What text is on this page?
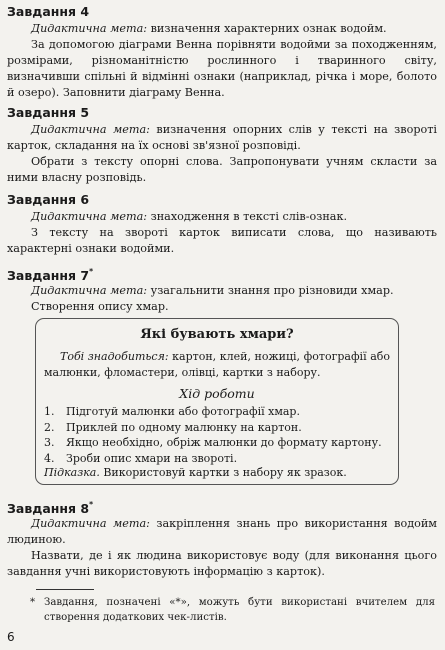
Завдання 4
Дидактична мета: визначення характерних ознак водойм.
За допомогою діаграми Венна порівняти водойми за походженням, розмірами, різноманітністю рослинного і тваринного світу, визначивши спільні й відмінні ознаки (наприклад, річка і море, болото й озеро). Заповнити діаграму Венна.
Завдання 5
Дидактична мета: визначення опорних слів у тексті на звороті карток, складання на їх основі зв'язної розповіді.
Обрати з тексту опорні слова. Запропонувати учням скласти за ними власну розповідь.
Завдання 6
Дидактична мета: знаходження в тексті слів-ознак.
З тексту на звороті карток виписати слова, що називають характерні ознаки водойми.
Завдання 7*
Дидактична мета: узагальнити знання про різновиди хмар.
Створення опису хмар.
Які бувають хмари?
Тобі знадобиться: картон, клей, ножиці, фотографії або малюнки, фломастери, олівці, картки з набору.
Хід роботи
1. Підготуй малюнки або фотографії хмар.
2. Приклей по одному малюнку на картон.
3. Якщо необхідно, обріж малюнки до формату картону.
4. Зроби опис хмари на звороті.
Підказка. Використовуй картки з набору як зразок.
Завдання 8*
Дидактична мета: закріплення знань про використання водойм людиною.
Назвати, де і як людина використовує воду (для виконання цього завдання учні використовують інформацію з карток).
* Завдання, позначені «*», можуть бути використані вчителем для створення додаткових чек-листів.
6
